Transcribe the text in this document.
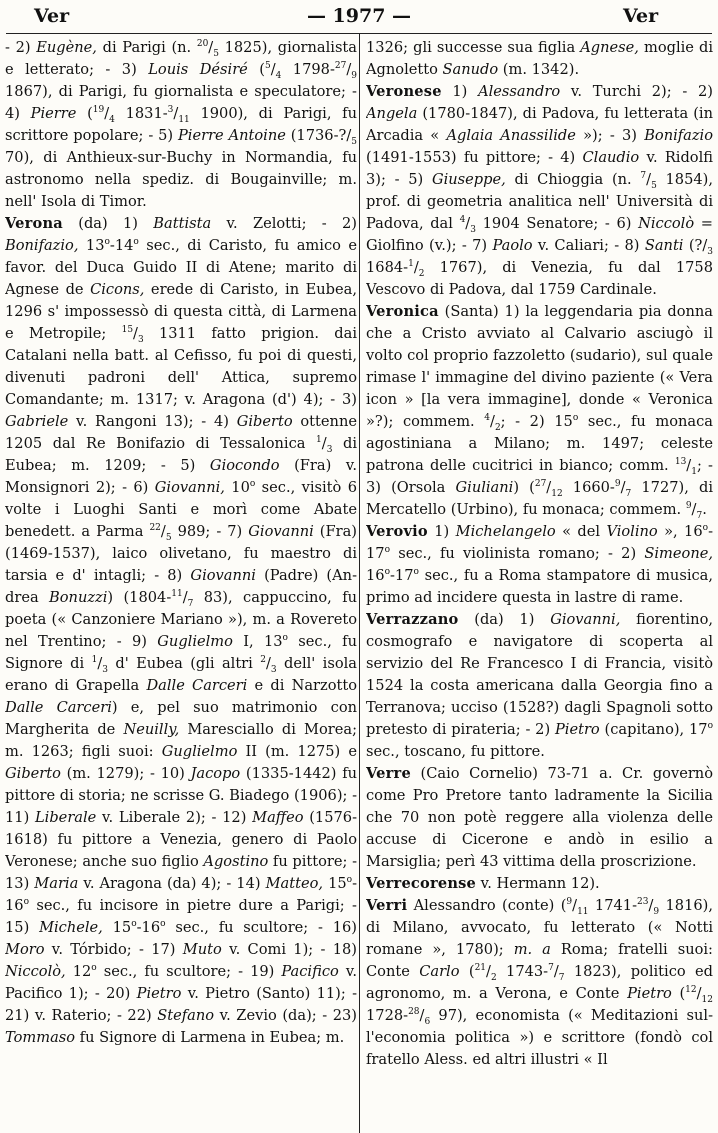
Ver	— 1977 —	Ver

- 2) Eugène, di Parigi (n. $^{20}/_5$ 1825), giornalista e letterato; - 3) Louis Désiré ($^5/_4$ $1798-^{27}/_9$ 1867), di Parigi, fu giornalista e speculatore; - 4) Pierre ($^{19}/_4$ $1831-^3/_{11}$ 1900), di Parigi, fu scrittore popolare; - 5) Pierre Antoine ($1736-?/_5$ 70), di Anthieux-sur-Buchy in Normandia, fu astronomo nella spediz. di Bougainville; m. nell' Isola di Timor.

Verona (da) 1) Battista v. Zelotti; - 2) Bonifazio, 13$^o$-14$^o$ sec., di Caristo, fu amico e favor. del Duca Guido II di Atene; marito di Agnese de Cicons, erede di Caristo, in Eubea, 1296 s' impossessò di questa città, di Larmena e Metropile; $^{15}/_3$ 1311 fatto prigion. dai Catalani nella batt. al Cefisso, fu poi di questi, divenuti padroni dell' Attica, supremo Comandante; m. 1317; v. Aragona (d') 4); - 3) Gabriele v. Rangoni 13); - 4) Giberto ottenne 1205 dal Re Bonifazio di Tessalonica $^1/_3$ di Eubea; m. 1209; - 5) Giocondo (Fra) v. Monsignori 2); - 6) Giovanni, 10$^o$ sec., visitò 6 volte i Luoghi Santi e morì come Abate benedett. a Parma $^{22}/_5$ 989; - 7) Giovanni (Fra) (1469-1537), laico olivetano, fu maestro di tarsia e d' intagli; - 8) Giovanni (Padre) (Andrea Bonuzzi) ($1804-^{11}/_7$ 83), cappuccino, fu poeta (« Canzoniere Mariano »), m. a Rovereto nel Trentino; - 9) Guglielmo I, 13$^o$ sec., fu Signore di $^1/_3$ d' Eubea (gli altri $^2/_3$ dell' isola erano di Grapella Dalle Carceri e di Narzotto Dalle Carceri) e, pel suo matrimonio con Margherita de Neuilly, Maresciallo di Morea; m. 1263; figli suoi: Guglielmo II (m. 1275) e Giberto (m. 1279); - 10) Jacopo (1335-1442) fu pittore di storia; ne scrisse G. Biadego (1906); - 11) Liberale v. Liberale 2); - 12) Maffeo (1576-1618) fu pittore a Venezia, genero di Paolo Veronese; anche suo figlio Agostino fu pittore; - 13) Maria v. Aragona (da) 4); - 14) Matteo, 15$^o$-16$^o$ sec., fu incisore in pietre dure a Parigi; - 15) Michele, 15$^o$-16$^o$ sec., fu scultore; - 16) Moro v. Tórbido; - 17) Muto v. Comi 1); - 18) Niccolò, 12$^o$ sec., fu scultore; - 19) Pacifico v. Pacifico 1); - 20) Pietro v. Pietro (Santo) 11); - 21) v. Raterio; - 22) Stefano v. Zevio (da); - 23) Tommaso fu Signore di Larmena in Eubea; m.

1326; gli successe sua figlia Agnese, moglie di Agnoletto Sanudo (m. 1342).

Veronese 1) Alessandro v. Turchi 2); - 2) Angela (1780-1847), di Padova, fu letterata (in Arcadia « Aglaia Anassilide »); - 3) Bonifazio (1491-1553) fu pittore; - 4) Claudio v. Ridolfi 3); - 5) Giuseppe, di Chioggia (n. $^7/_5$ 1854), prof. di geometria analitica nell' Università di Padova, dal $^4/_3$ 1904 Senatore; - 6) Niccolò = Giolfino (v.); - 7) Paolo v. Caliari; - 8) Santi ($?/_3$ $1684-^1/_2$ 1767), di Venezia, fu dal 1758 Vescovo di Padova, dal 1759 Cardinale.

Veronica (Santa) 1) la leggendaria pia donna che a Cristo avviato al Calvario asciugò il volto col proprio fazzoletto (sudario), sul quale rimase l' immagine del divino paziente (« Vera icon » [la vera immagine], donde « Veronica »?); commem. $^4/_2$; - 2) 15$^o$ sec., fu monaca agostiniana a Milano; m. 1497; celeste patrona delle cucitrici in bianco; comm. $^{13}/_1$; - 3) (Orsola Giuliani) ($^{27}/_{12}$ $1660-^9/_7$ 1727), di Mercatello (Urbino), fu monaca; commem. $^9/_7$.

Verovio 1) Michelangelo « del Violino », 16$^o$-17$^o$ sec., fu violinista romano; - 2) Simeone, 16$^o$-17$^o$ sec., fu a Roma stampatore di musica, primo ad incidere questa in lastre di rame.

Verrazzano (da) 1) Giovanni, fiorentino, cosmografo e navigatore di scoperta al servizio del Re Francesco I di Francia, visitò 1524 la costa americana dalla Georgia fino a Terranova; ucciso (1528?) dagli Spagnoli sotto pretesto di pirateria; - 2) Pietro (capitano), 17$^o$ sec., toscano, fu pittore.

Verre (Caio Cornelio) 73-71 a. Cr. governò come Pro Pretore tanto ladramente la Sicilia che 70 non potè reggere alla violenza delle accuse di Cicerone e andò in esilio a Marsiglia; perì 43 vittima della proscrizione.

Verrecorense v. Hermann 12).

Verri Alessandro (conte) ($^9/_{11}$ $1741-^{23}/_9$ 1816), di Milano, avvocato, fu letterato (« Notti romane », 1780); m. a Roma; fratelli suoi: Conte Carlo ($^{21}/_2$ $1743-^7/_7$ 1823), politico ed agronomo, m. a Verona, e Conte Pietro ($^{12}/_{12}$ $1728-^{28}/_6$ 97), economista (« Meditazioni sull'economia politica ») e scrittore (fondò col fratello Aless. ed altri illustri « Il
